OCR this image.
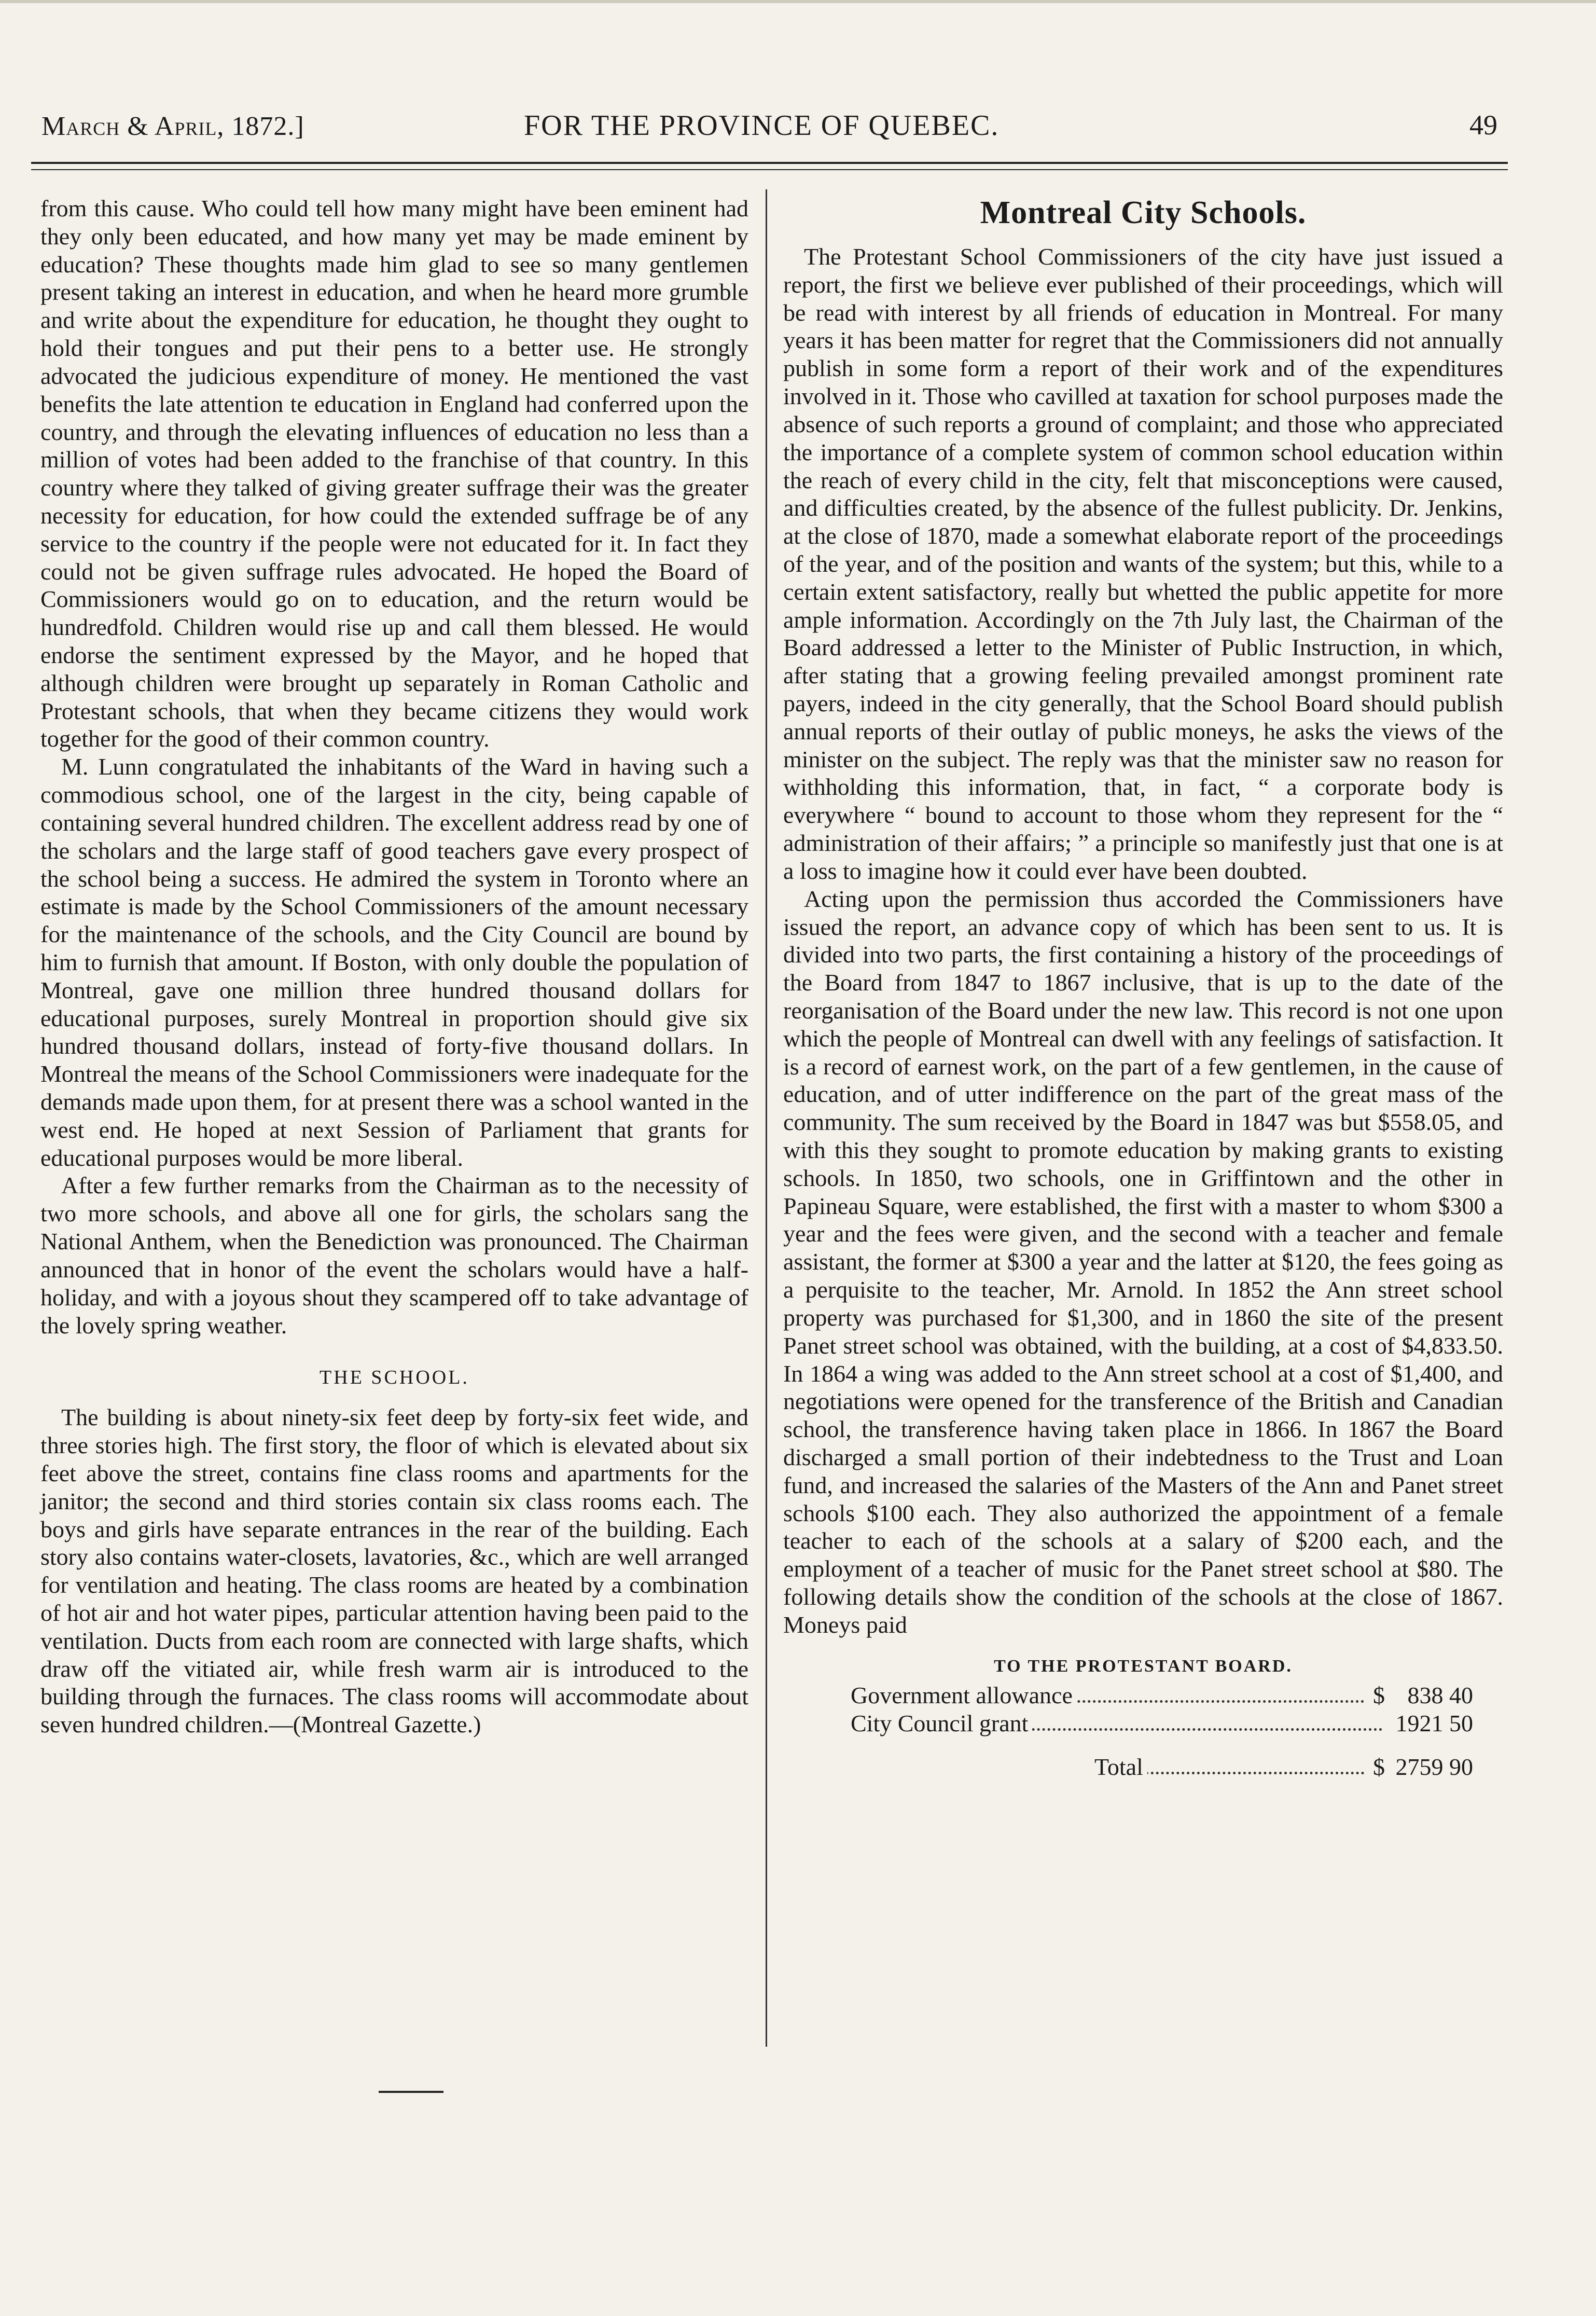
March & April, 1872.]	FOR THE PROVINCE OF QUEBEC.	49

from this cause. Who could tell how many might have been eminent had they only been educated, and how many yet may be made eminent by education? These thoughts made him glad to see so many gentlemen present taking an interest in education, and when he heard more grumble and write about the expenditure for education, he thought they ought to hold their tongues and put their pens to a better use. He strongly advocated the judicious expenditure of money. He mentioned the vast benefits the late attention te education in England had conferred upon the country, and through the elevating influences of education no less than a million of votes had been added to the franchise of that country. In this country where they talked of giving greater suffrage their was the greater necessity for education, for how could the extended suffrage be of any service to the country if the people were not educated for it. In fact they could not be given suffrage rules advocated. He hoped the Board of Commissioners would go on to education, and the return would be hundredfold. Children would rise up and call them blessed. He would endorse the sentiment expressed by the Mayor, and he hoped that although children were brought up separately in Roman Catholic and Protestant schools, that when they became citizens they would work together for the good of their common country.

M. Lunn congratulated the inhabitants of the Ward in having such a commodious school, one of the largest in the city, being capable of containing several hundred children. The excellent address read by one of the scholars and the large staff of good teachers gave every prospect of the school being a success. He admired the system in Toronto where an estimate is made by the School Commissioners of the amount necessary for the maintenance of the schools, and the City Council are bound by him to furnish that amount. If Boston, with only double the population of Montreal, gave one million three hundred thousand dollars for educational purposes, surely Montreal in proportion should give six hundred thousand dollars, instead of forty-five thousand dollars. In Montreal the means of the School Commissioners were inadequate for the demands made upon them, for at present there was a school wanted in the west end. He hoped at next Session of Parliament that grants for educational purposes would be more liberal.

After a few further remarks from the Chairman as to the necessity of two more schools, and above all one for girls, the scholars sang the National Anthem, when the Benediction was pronounced. The Chairman announced that in honor of the event the scholars would have a half-holiday, and with a joyous shout they scampered off to take advantage of the lovely spring weather.

THE SCHOOL.

The building is about ninety-six feet deep by forty-six feet wide, and three stories high. The first story, the floor of which is elevated about six feet above the street, contains fine class rooms and apartments for the janitor; the second and third stories contain six class rooms each. The boys and girls have separate entrances in the rear of the building. Each story also contains water-closets, lavatories, &c., which are well arranged for ventilation and heating. The class rooms are heated by a combination of hot air and hot water pipes, particular attention having been paid to the ventilation. Ducts from each room are connected with large shafts, which draw off the vitiated air, while fresh warm air is introduced to the building through the furnaces. The class rooms will accommodate about seven hundred children.—(Montreal Gazette.)

Montreal City Schools.

The Protestant School Commissioners of the city have just issued a report, the first we believe ever published of their proceedings, which will be read with interest by all friends of education in Montreal. For many years it has been matter for regret that the Commissioners did not annually publish in some form a report of their work and of the expenditures involved in it. Those who cavilled at taxation for school purposes made the absence of such reports a ground of complaint; and those who appreciated the importance of a complete system of common school education within the reach of every child in the city, felt that misconceptions were caused, and difficulties created, by the absence of the fullest publicity. Dr. Jenkins, at the close of 1870, made a somewhat elaborate report of the proceedings of the year, and of the position and wants of the system; but this, while to a certain extent satisfactory, really but whetted the public appetite for more ample information. Accordingly on the 7th July last, the Chairman of the Board addressed a letter to the Minister of Public Instruction, in which, after stating that a growing feeling prevailed amongst prominent rate payers, indeed in the city generally, that the School Board should publish annual reports of their outlay of public moneys, he asks the views of the minister on the subject. The reply was that the minister saw no reason for withholding this information, that, in fact, “ a corporate body is everywhere “ bound to account to those whom they represent for the “ administration of their affairs; ” a principle so manifestly just that one is at a loss to imagine how it could ever have been doubted.

Acting upon the permission thus accorded the Commissioners have issued the report, an advance copy of which has been sent to us. It is divided into two parts, the first containing a history of the proceedings of the Board from 1847 to 1867 inclusive, that is up to the date of the reorganisation of the Board under the new law. This record is not one upon which the people of Montreal can dwell with any feelings of satisfaction. It is a record of earnest work, on the part of a few gentlemen, in the cause of education, and of utter indifference on the part of the great mass of the community. The sum received by the Board in 1847 was but $558.05, and with this they sought to promote education by making grants to existing schools. In 1850, two schools, one in Griffintown and the other in Papineau Square, were established, the first with a master to whom $300 a year and the fees were given, and the second with a teacher and female assistant, the former at $300 a year and the latter at $120, the fees going as a perquisite to the teacher, Mr. Arnold. In 1852 the Ann street school property was purchased for $1,300, and in 1860 the site of the present Panet street school was obtained, with the building, at a cost of $4,833.50. In 1864 a wing was added to the Ann street school at a cost of $1,400, and negotiations were opened for the transference of the British and Canadian school, the transference having taken place in 1866. In 1867 the Board discharged a small portion of their indebtedness to the Trust and Loan fund, and increased the salaries of the Masters of the Ann and Panet street schools $100 each. They also authorized the appointment of a female teacher to each of the schools at a salary of $200 each, and the employment of a teacher of music for the Panet street school at $80. The following details show the condition of the schools at the close of 1867. Moneys paid

TO THE PROTESTANT BOARD.
Government allowance	$ 838 40
City Council grant	1921 50
Total	$ 2759 90
